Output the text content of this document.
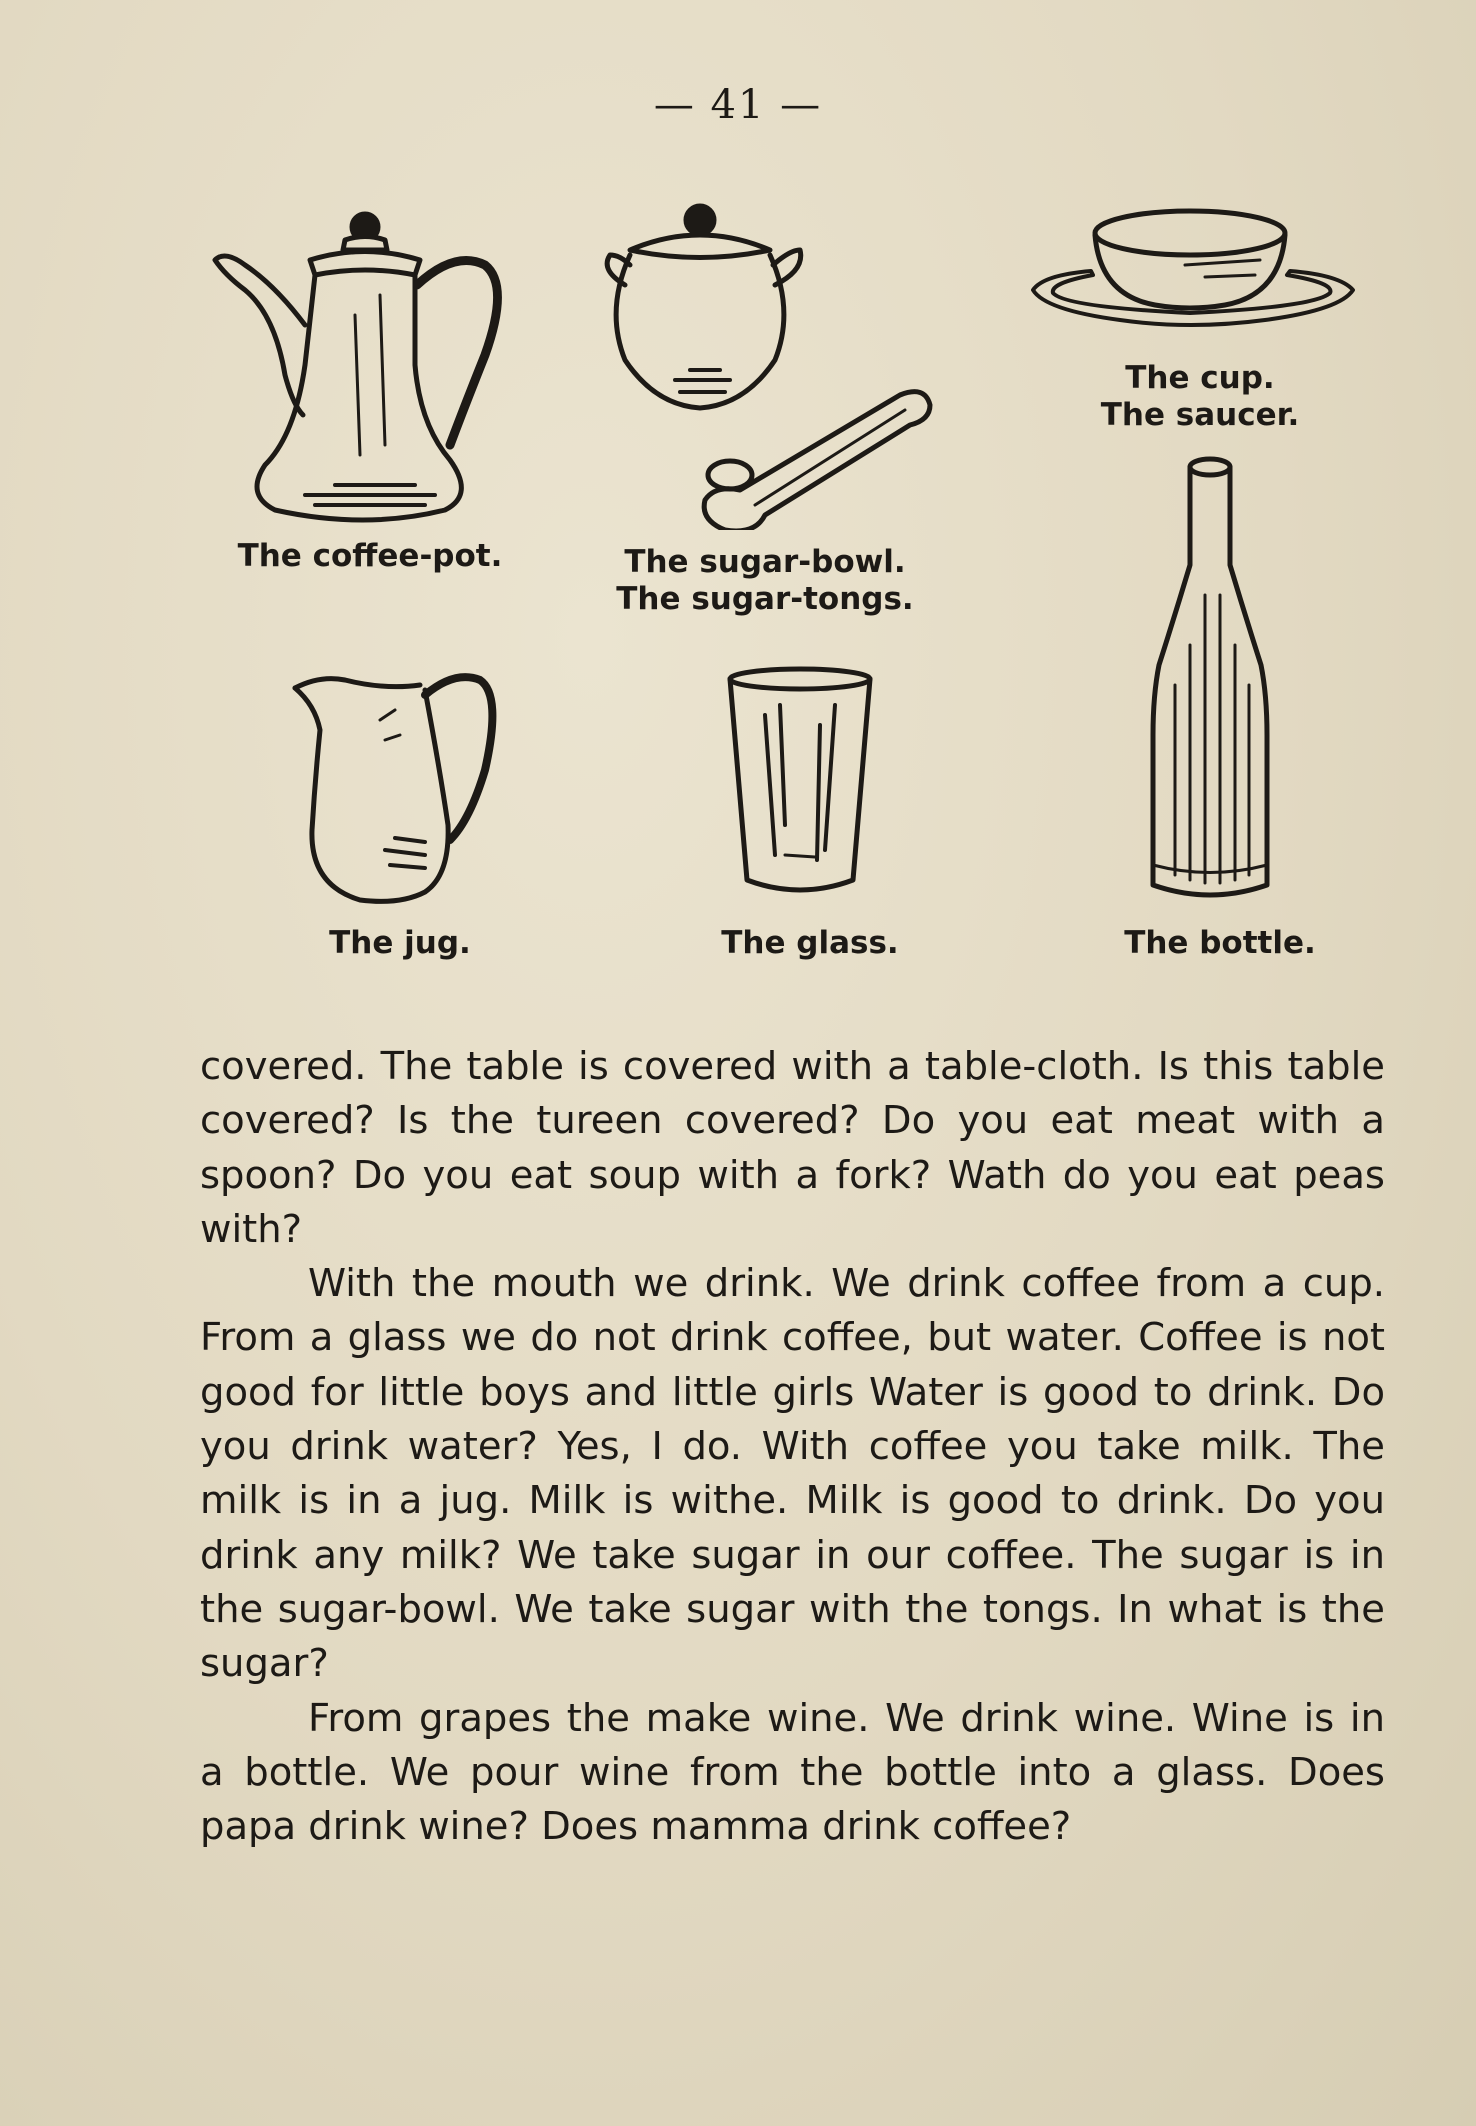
— 41 —
The coffee-pot.	The sugar-bowl.
The sugar-tongs.
The cup.
The saucer.
The jug.	The glass.	The bottle.

covered. The table is covered with a table-cloth. Is this table covered? Is the tureen covered? Do you eat meat with a spoon? Do you eat soup with a fork? Wath do you eat peas with?

With the mouth we drink. We drink coffee from a cup. From a glass we do not drink coffee, but water. Coffee is not good for little boys and little girls Water is good to drink. Do you drink water? Yes, I do. With coffee you take milk. The milk is in a jug. Milk is withe. Milk is good to drink. Do you drink any milk? We take sugar in our coffee. The sugar is in the sugar-bowl. We take sugar with the tongs. In what is the sugar?

From grapes the make wine. We drink wine. Wine is in a bottle. We pour wine from the bottle into a glass. Does papa drink wine? Does mamma drink coffee?
